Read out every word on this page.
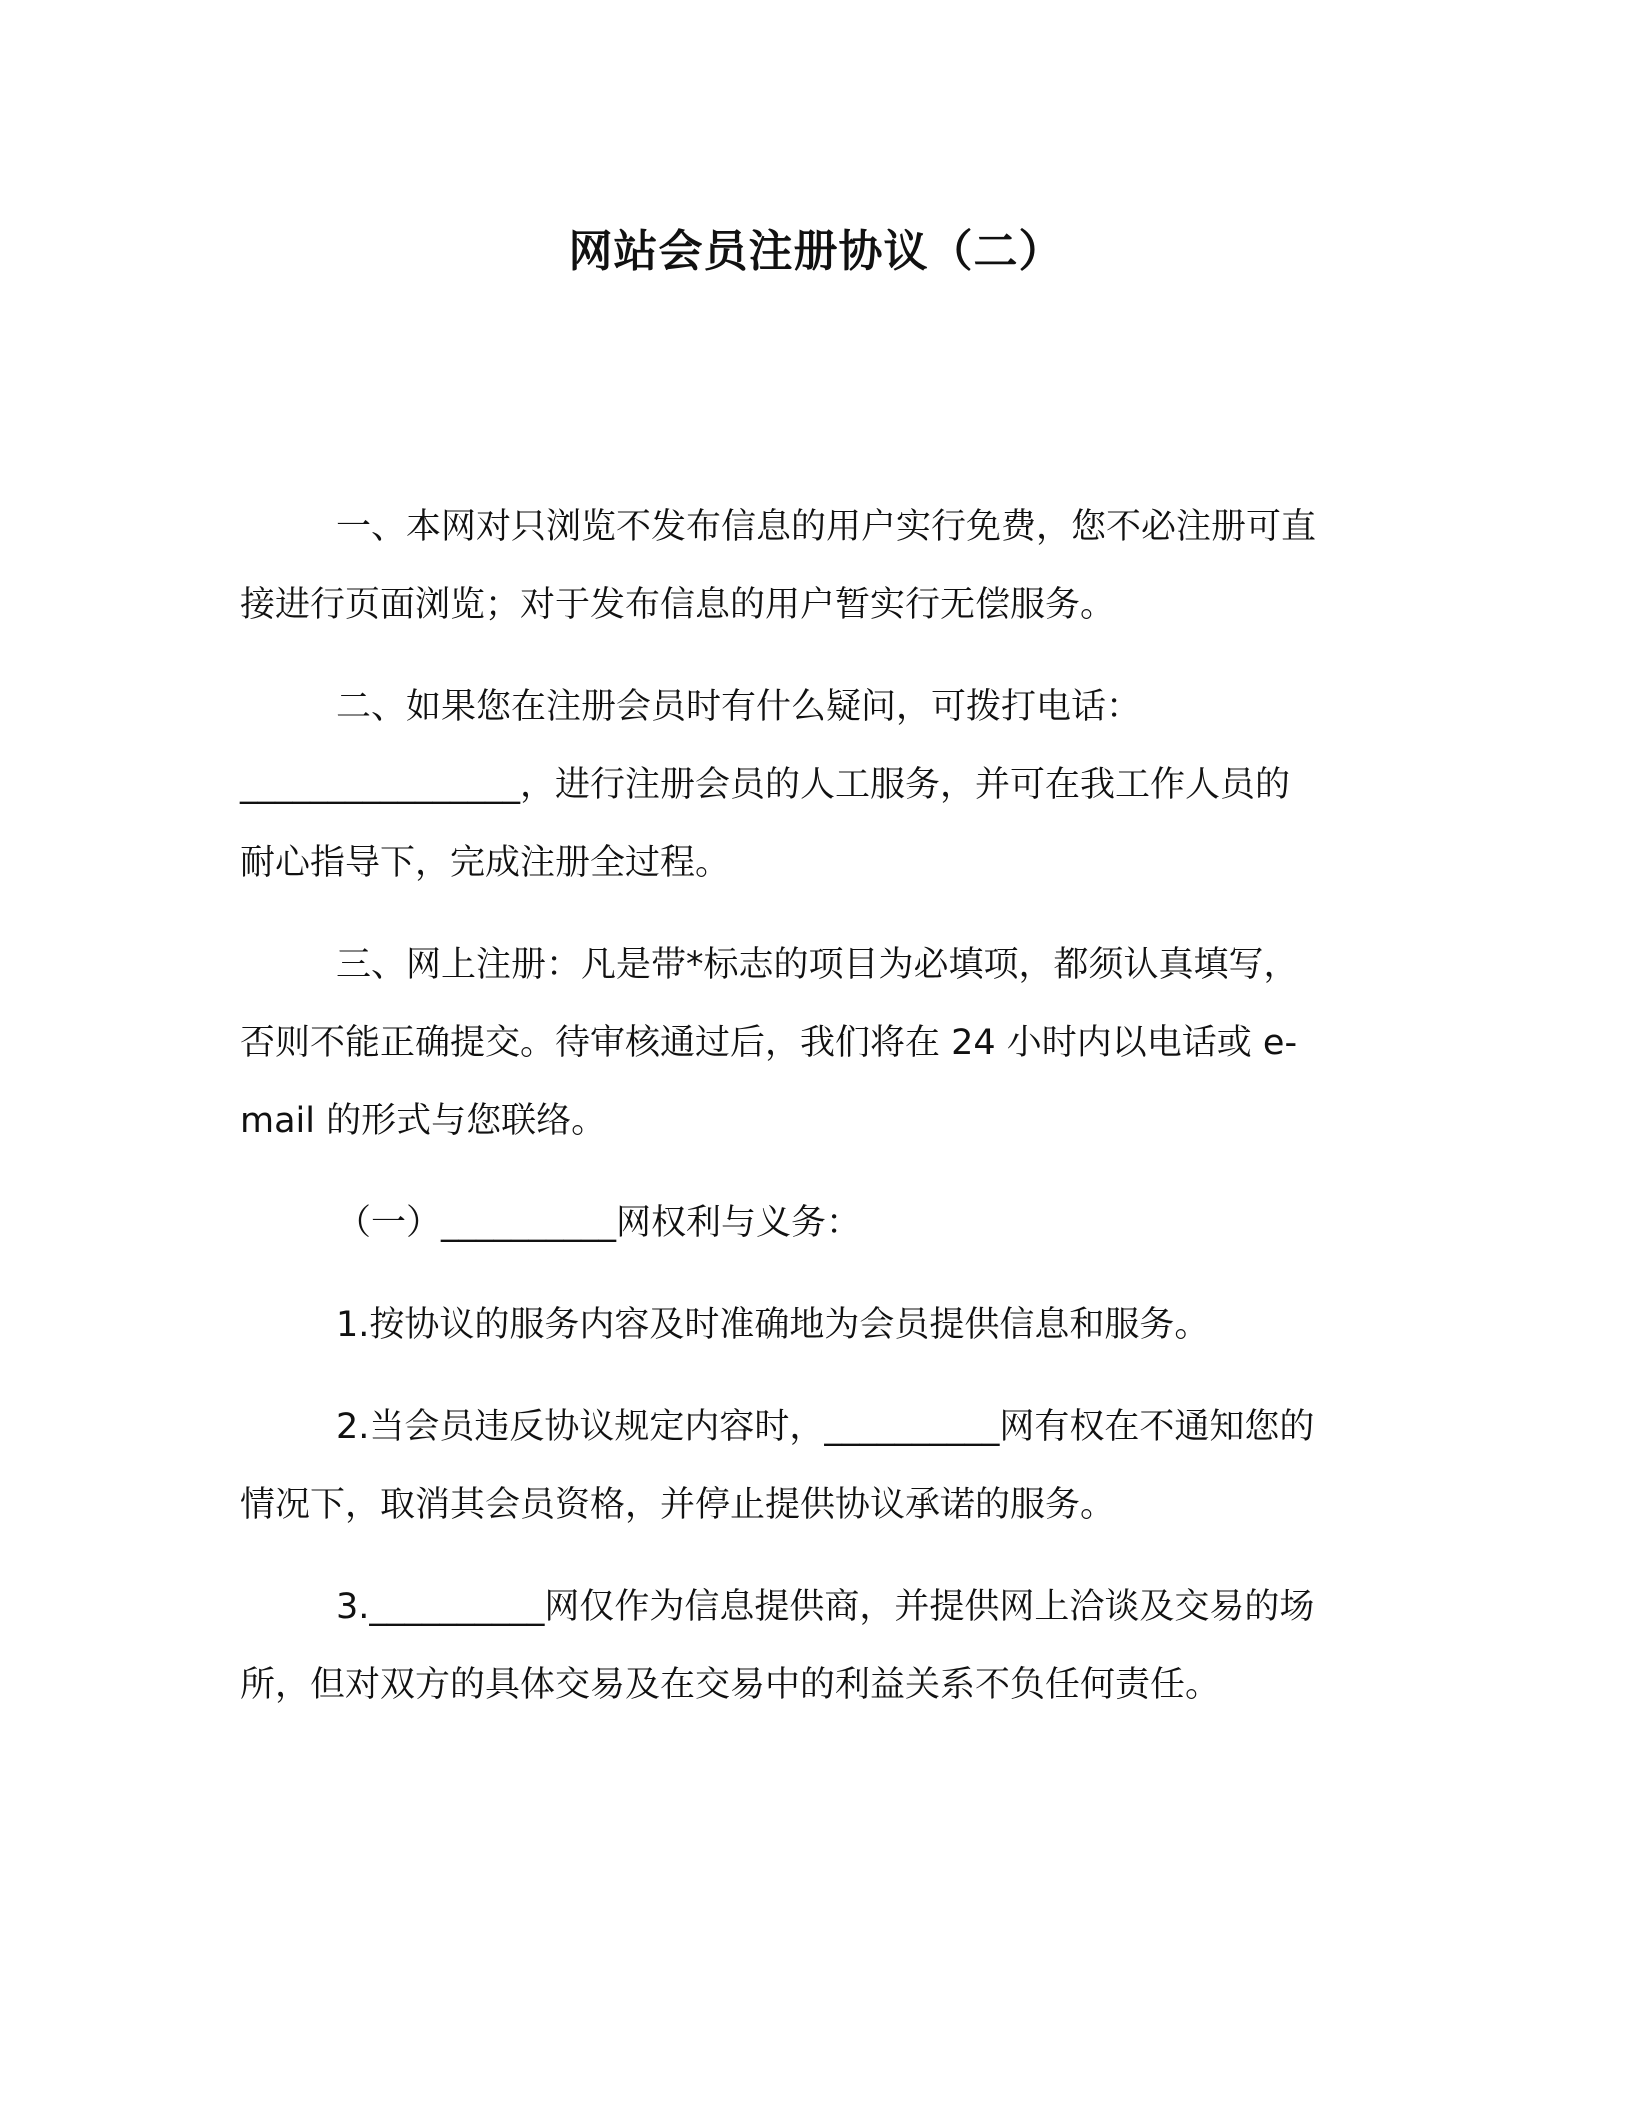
网站会员注册协议（二）
一、本网对只浏览不发布信息的用户实行免费，您不必注册可直
接进行页面浏览；对于发布信息的用户暂实行无偿服务。
二、如果您在注册会员时有什么疑问，可拨打电话：
________________，进行注册会员的人工服务，并可在我工作人员的
耐心指导下，完成注册全过程。
三、网上注册：凡是带*标志的项目为必填项，都须认真填写，
否则不能正确提交。待审核通过后，我们将在 24 小时内以电话或 e-
mail 的形式与您联络。
（一）__________网权利与义务：
1.按协议的服务内容及时准确地为会员提供信息和服务。
2.当会员违反协议规定内容时，__________网有权在不通知您的
情况下，取消其会员资格，并停止提供协议承诺的服务。
3.__________网仅作为信息提供商，并提供网上洽谈及交易的场
所，但对双方的具体交易及在交易中的利益关系不负任何责任。
